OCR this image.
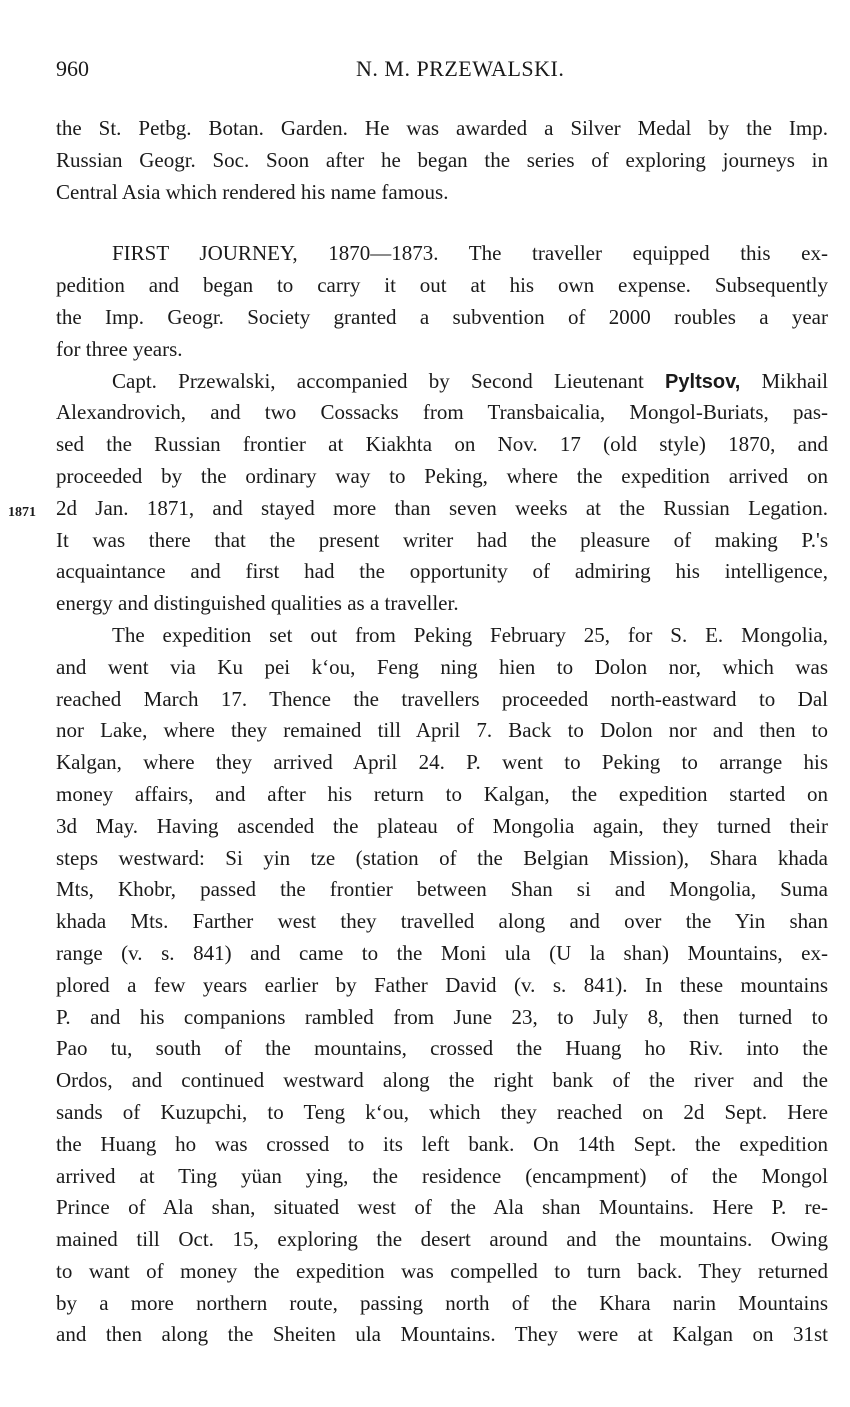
960	N. M. PRZEWALSKI.
1871
the St. Petbg. Botan. Garden. He was awarded a Silver Medal by the Imp.
Russian Geogr. Soc. Soon after he began the series of exploring journeys in
Central Asia which rendered his name famous.
FIRST JOURNEY, 1870—1873. The traveller equipped this ex-
pedition and began to carry it out at his own expense. Subsequently
the Imp. Geogr. Society granted a subvention of 2000 roubles a year
for three years.
Capt. Przewalski, accompanied by Second Lieutenant Pyltsov, Mikhail
Alexandrovich, and two Cossacks from Transbaicalia, Mongol-Buriats, pas-
sed the Russian frontier at Kiakhta on Nov. 17 (old style) 1870, and
proceeded by the ordinary way to Peking, where the expedition arrived on
2d Jan. 1871, and stayed more than seven weeks at the Russian Legation.
It was there that the present writer had the pleasure of making P.'s
acquaintance and first had the opportunity of admiring his intelligence,
energy and distinguished qualities as a traveller.
The expedition set out from Peking February 25, for S. E. Mongolia,
and went via Ku pei kʻou, Feng ning hien to Dolon nor, which was
reached March 17. Thence the travellers proceeded north-eastward to Dal
nor Lake, where they remained till April 7. Back to Dolon nor and then to
Kalgan, where they arrived April 24. P. went to Peking to arrange his
money affairs, and after his return to Kalgan, the expedition started on
3d May. Having ascended the plateau of Mongolia again, they turned their
steps westward: Si yin tze (station of the Belgian Mission), Shara khada
Mts, Khobr, passed the frontier between Shan si and Mongolia, Suma
khada Mts. Farther west they travelled along and over the Yin shan
range (v. s. 841) and came to the Moni ula (U la shan) Mountains, ex-
plored a few years earlier by Father David (v. s. 841). In these mountains
P. and his companions rambled from June 23, to July 8, then turned to
Pao tu, south of the mountains, crossed the Huang ho Riv. into the
Ordos, and continued westward along the right bank of the river and the
sands of Kuzupchi, to Teng kʻou, which they reached on 2d Sept. Here
the Huang ho was crossed to its left bank. On 14th Sept. the expedition
arrived at Ting yüan ying, the residence (encampment) of the Mongol
Prince of Ala shan, situated west of the Ala shan Mountains. Here P. re-
mained till Oct. 15, exploring the desert around and the mountains. Owing
to want of money the expedition was compelled to turn back. They returned
by a more northern route, passing north of the Khara narin Mountains
and then along the Sheiten ula Mountains. They were at Kalgan on 31st
